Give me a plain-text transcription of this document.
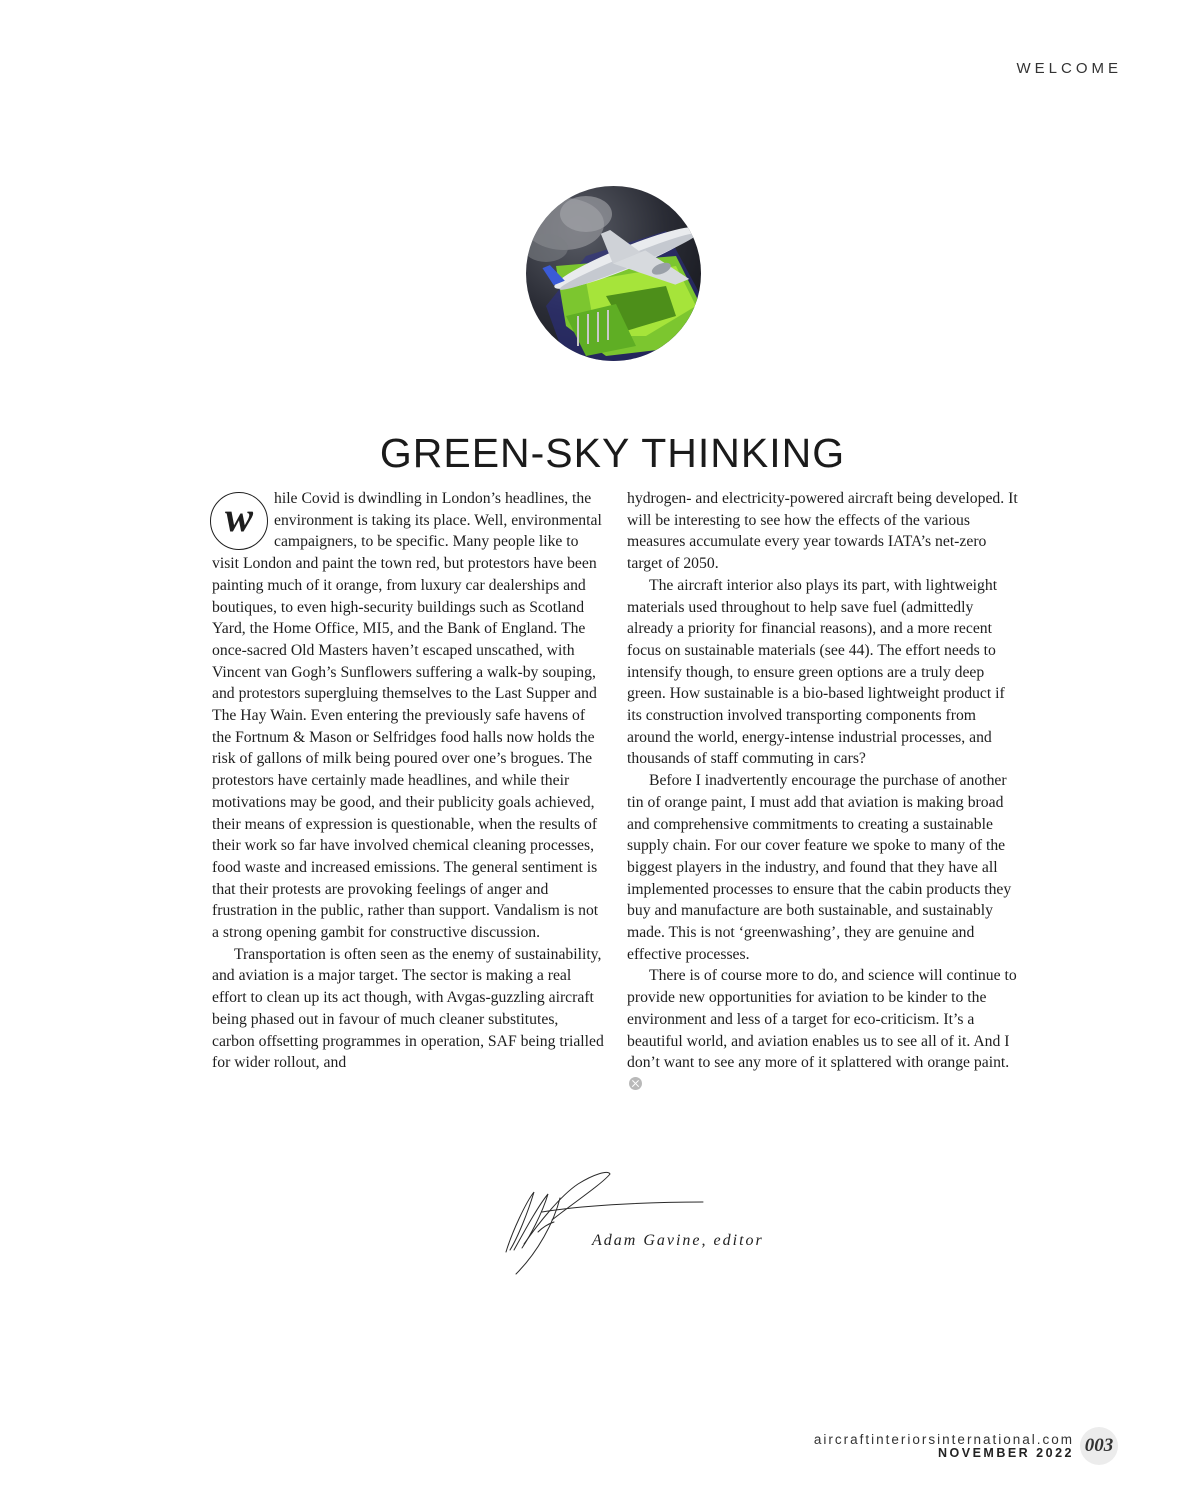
WELCOME
GREEN-SKY THINKING

w	hile Covid is dwindling in London’s headlines, the environment is taking its place. Well, environmental campaigners, to be specific. Many people like to visit London and paint the town red, but protestors have been painting much of it orange, from luxury car dealerships and boutiques, to even high-security buildings such as Scotland Yard, the Home Office, MI5, and the Bank of England. The once-sacred Old Masters haven’t escaped unscathed, with Vincent van Gogh’s Sunflowers suffering a walk-by souping, and protestors supergluing themselves to the Last Supper and The Hay Wain. Even entering the previously safe havens of the Fortnum & Mason or Selfridges food halls now holds the risk of gallons of milk being poured over one’s brogues. The protestors have certainly made headlines, and while their motivations may be good, and their publicity goals achieved, their means of expression is questionable, when the results of their work so far have involved chemical cleaning processes, food waste and increased emissions. The general sentiment is that their protests are provoking feelings of anger and frustration in the public, rather than support. Vandalism is not a strong opening gambit for constructive discussion.

Transportation is often seen as the enemy of sustainability, and aviation is a major target. The sector is making a real effort to clean up its act though, with Avgas-guzzling aircraft being phased out in favour of much cleaner substitutes, carbon offsetting programmes in operation, SAF being trialled for wider rollout, and

hydrogen- and electricity-powered aircraft being developed. It will be interesting to see how the effects of the various measures accumulate every year towards IATA’s net-zero target of 2050.

The aircraft interior also plays its part, with lightweight materials used throughout to help save fuel (admittedly already a priority for financial reasons), and a more recent focus on sustainable materials (see 44). The effort needs to intensify though, to ensure green options are a truly deep green. How sustainable is a bio-based lightweight product if its construction involved transporting components from around the world, energy-intense industrial processes, and thousands of staff commuting in cars?

Before I inadvertently encourage the purchase of another tin of orange paint, I must add that aviation is making broad and comprehensive commitments to creating a sustainable supply chain. For our cover feature we spoke to many of the biggest players in the industry, and found that they have all implemented processes to ensure that the cabin products they buy and manufacture are both sustainable, and sustainably made. This is not ‘greenwashing’, they are genuine and effective processes.

There is of course more to do, and science will continue to provide new opportunities for aviation to be kinder to the environment and less of a target for eco-criticism. It’s a beautiful world, and aviation enables us to see all of it. And I don’t want to see any more of it splattered with orange paint.

Adam Gavine, editor
aircraftinteriorsinternational.com
NOVEMBER 2022 003
